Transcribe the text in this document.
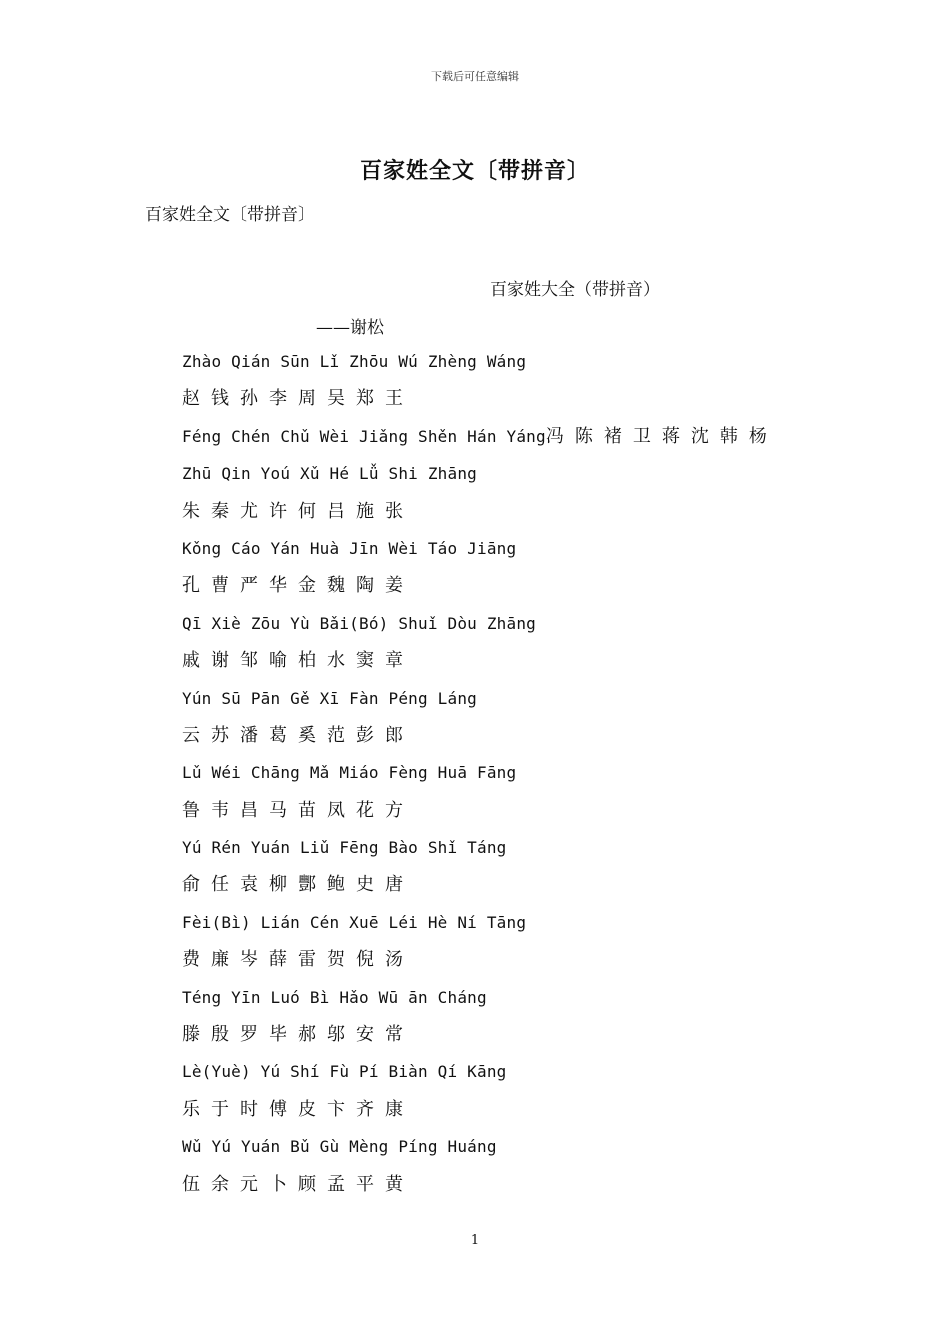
下载后可任意编辑
百家姓全文〔带拼音〕
百家姓全文〔带拼音〕
百家姓大全（带拼音）
——谢松
Zhào Qián Sūn Lǐ Zhōu Wú Zhèng Wáng
赵钱孙李周吴郑王
Féng Chén Chǔ Wèi Jiǎng Shěn Hán Yáng冯陈褚卫蒋沈韩杨
Zhū Qin Yoú Xǔ Hé Lǚ Shi Zhāng
朱秦尤许何吕施张
Kǒng Cáo Yán Huà Jīn Wèi Táo Jiāng
孔曹严华金魏陶姜
Qī Xiè Zōu Yù Bǎi(Bó) Shuǐ Dòu Zhāng
戚谢邹喻柏水窦章
Yún Sū Pān Gě Xī Fàn Péng Láng
云苏潘葛奚范彭郎
Lǔ Wéi Chāng Mǎ Miáo Fèng Huā Fāng
鲁韦昌马苗凤花方
Yú Rén Yuán Liǔ Fēng Bào Shǐ Táng
俞任袁柳酆鲍史唐
Fèi(Bì) Lián Cén Xuē Léi Hè Ní Tāng
费廉岑薛雷贺倪汤
Téng Yīn Luó Bì Hǎo Wū ān Cháng
滕殷罗毕郝邬安常
Lè(Yuè) Yú Shí Fù Pí Biàn Qí Kāng
乐于时傅皮卞齐康
Wǔ Yú Yuán Bǔ Gù Mèng Píng Huáng
伍余元卜顾孟平黄
1
